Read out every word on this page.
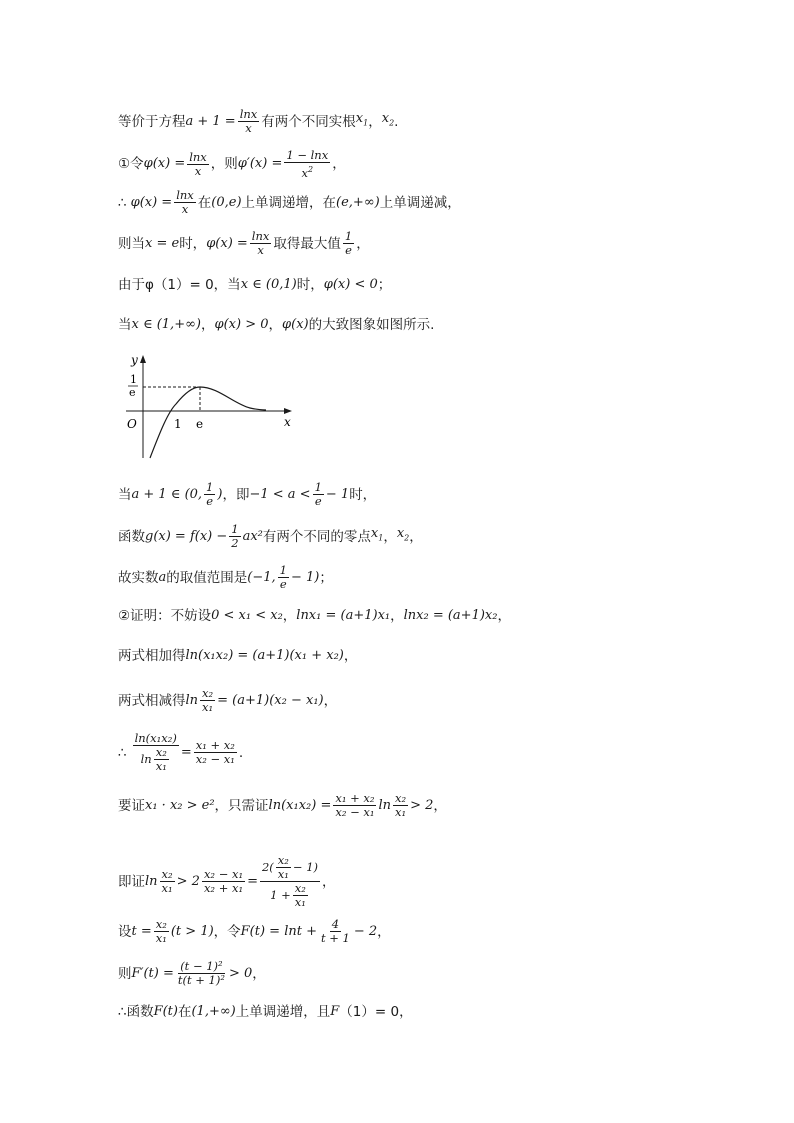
等价于方程 $a + 1 = \frac{\ln x}{x}$ 有两个不同实根 $x_1$ ， $x_2$ .
①令 $\varphi(x) = \frac{\ln x}{x}$ ，则 $\varphi'(x) = \frac{1 - \ln x}{x^2}$ ，
∴ $\varphi(x) = \frac{\ln x}{x}$ 在 (0,e) 上单调递增，在 (e,+∞) 上单调递减，
则当 x = e 时， $\varphi(x) = \frac{\ln x}{x}$ 取得最大值 $\frac{1}{e}$ ，
由于φ（1）= 0，当 x ∈ (0,1) 时， φ(x) < 0 ；
当 x ∈ (1,+∞) ， φ(x) > 0 ， φ(x) 的大致图象如图所示.
y
x
O	1 e
1
e
当 a + 1 ∈ (0, $\frac{1}{e}$ ) ，即 $-1 < a < \frac{1}{e} - 1$ 时，
函数 $g(x) = f(x) - \frac{1}{2} ax^2$ 有两个不同的零点 $x_1$ ， $x_2$ ，
故实数 a 的取值范围是 (−1, $\frac{1}{e} - 1$) ；
②证明：不妨设 0 < x₁ < x₂ ， lnx₁ = (a+1)x₁ ， lnx₂ = (a+1)x₂ ，
两式相加得 ln(x₁x₂) = (a+1)(x₁ + x₂) ，
两式相减得 $\ln \frac{\text{x₂}}{\text{x₁}} = (a+1)(x_2 - x_1)$ ，
∴ $\frac{\text{ln(x₁x₂)}}{\ln \frac{\text{x₂}}{\text{x₁}}} = \frac{\text{x₁ + x₂}}{\text{x₂ − x₁}}$ .
要证 x₁ · x₂ > e² ，只需证 $\ln(x_1x_2) = \frac{\text{x₁ + x₂}}{\text{x₂ − x₁}}$ $\ln \frac{\text{x₂}}{\text{x₁}} > 2$ ，
即证 $\ln \frac{\text{x₂}}{\text{x₁}} > 2 \frac{\text{x₂ − x₁}}{\text{x₂ + x₁}} = \frac{2( \frac{\text{x₂}}{\text{x₁}} - 1)}{1 + \frac{\text{x₂}}{\text{x₁}}}$ ，
设 $t = \frac{\text{x₂}}{\text{x₁}} (t > 1)$ ，令 $F(t) = \ln t + \frac{4}{t + 1} - 2$ ，
则 $F'(t) = \frac{\text{(t − 1)²}}{\text{t(t + 1)²}} > 0$ ，
∴函数 F(t) 在 (1,+∞) 上单调递增，且 F （1）= 0，
